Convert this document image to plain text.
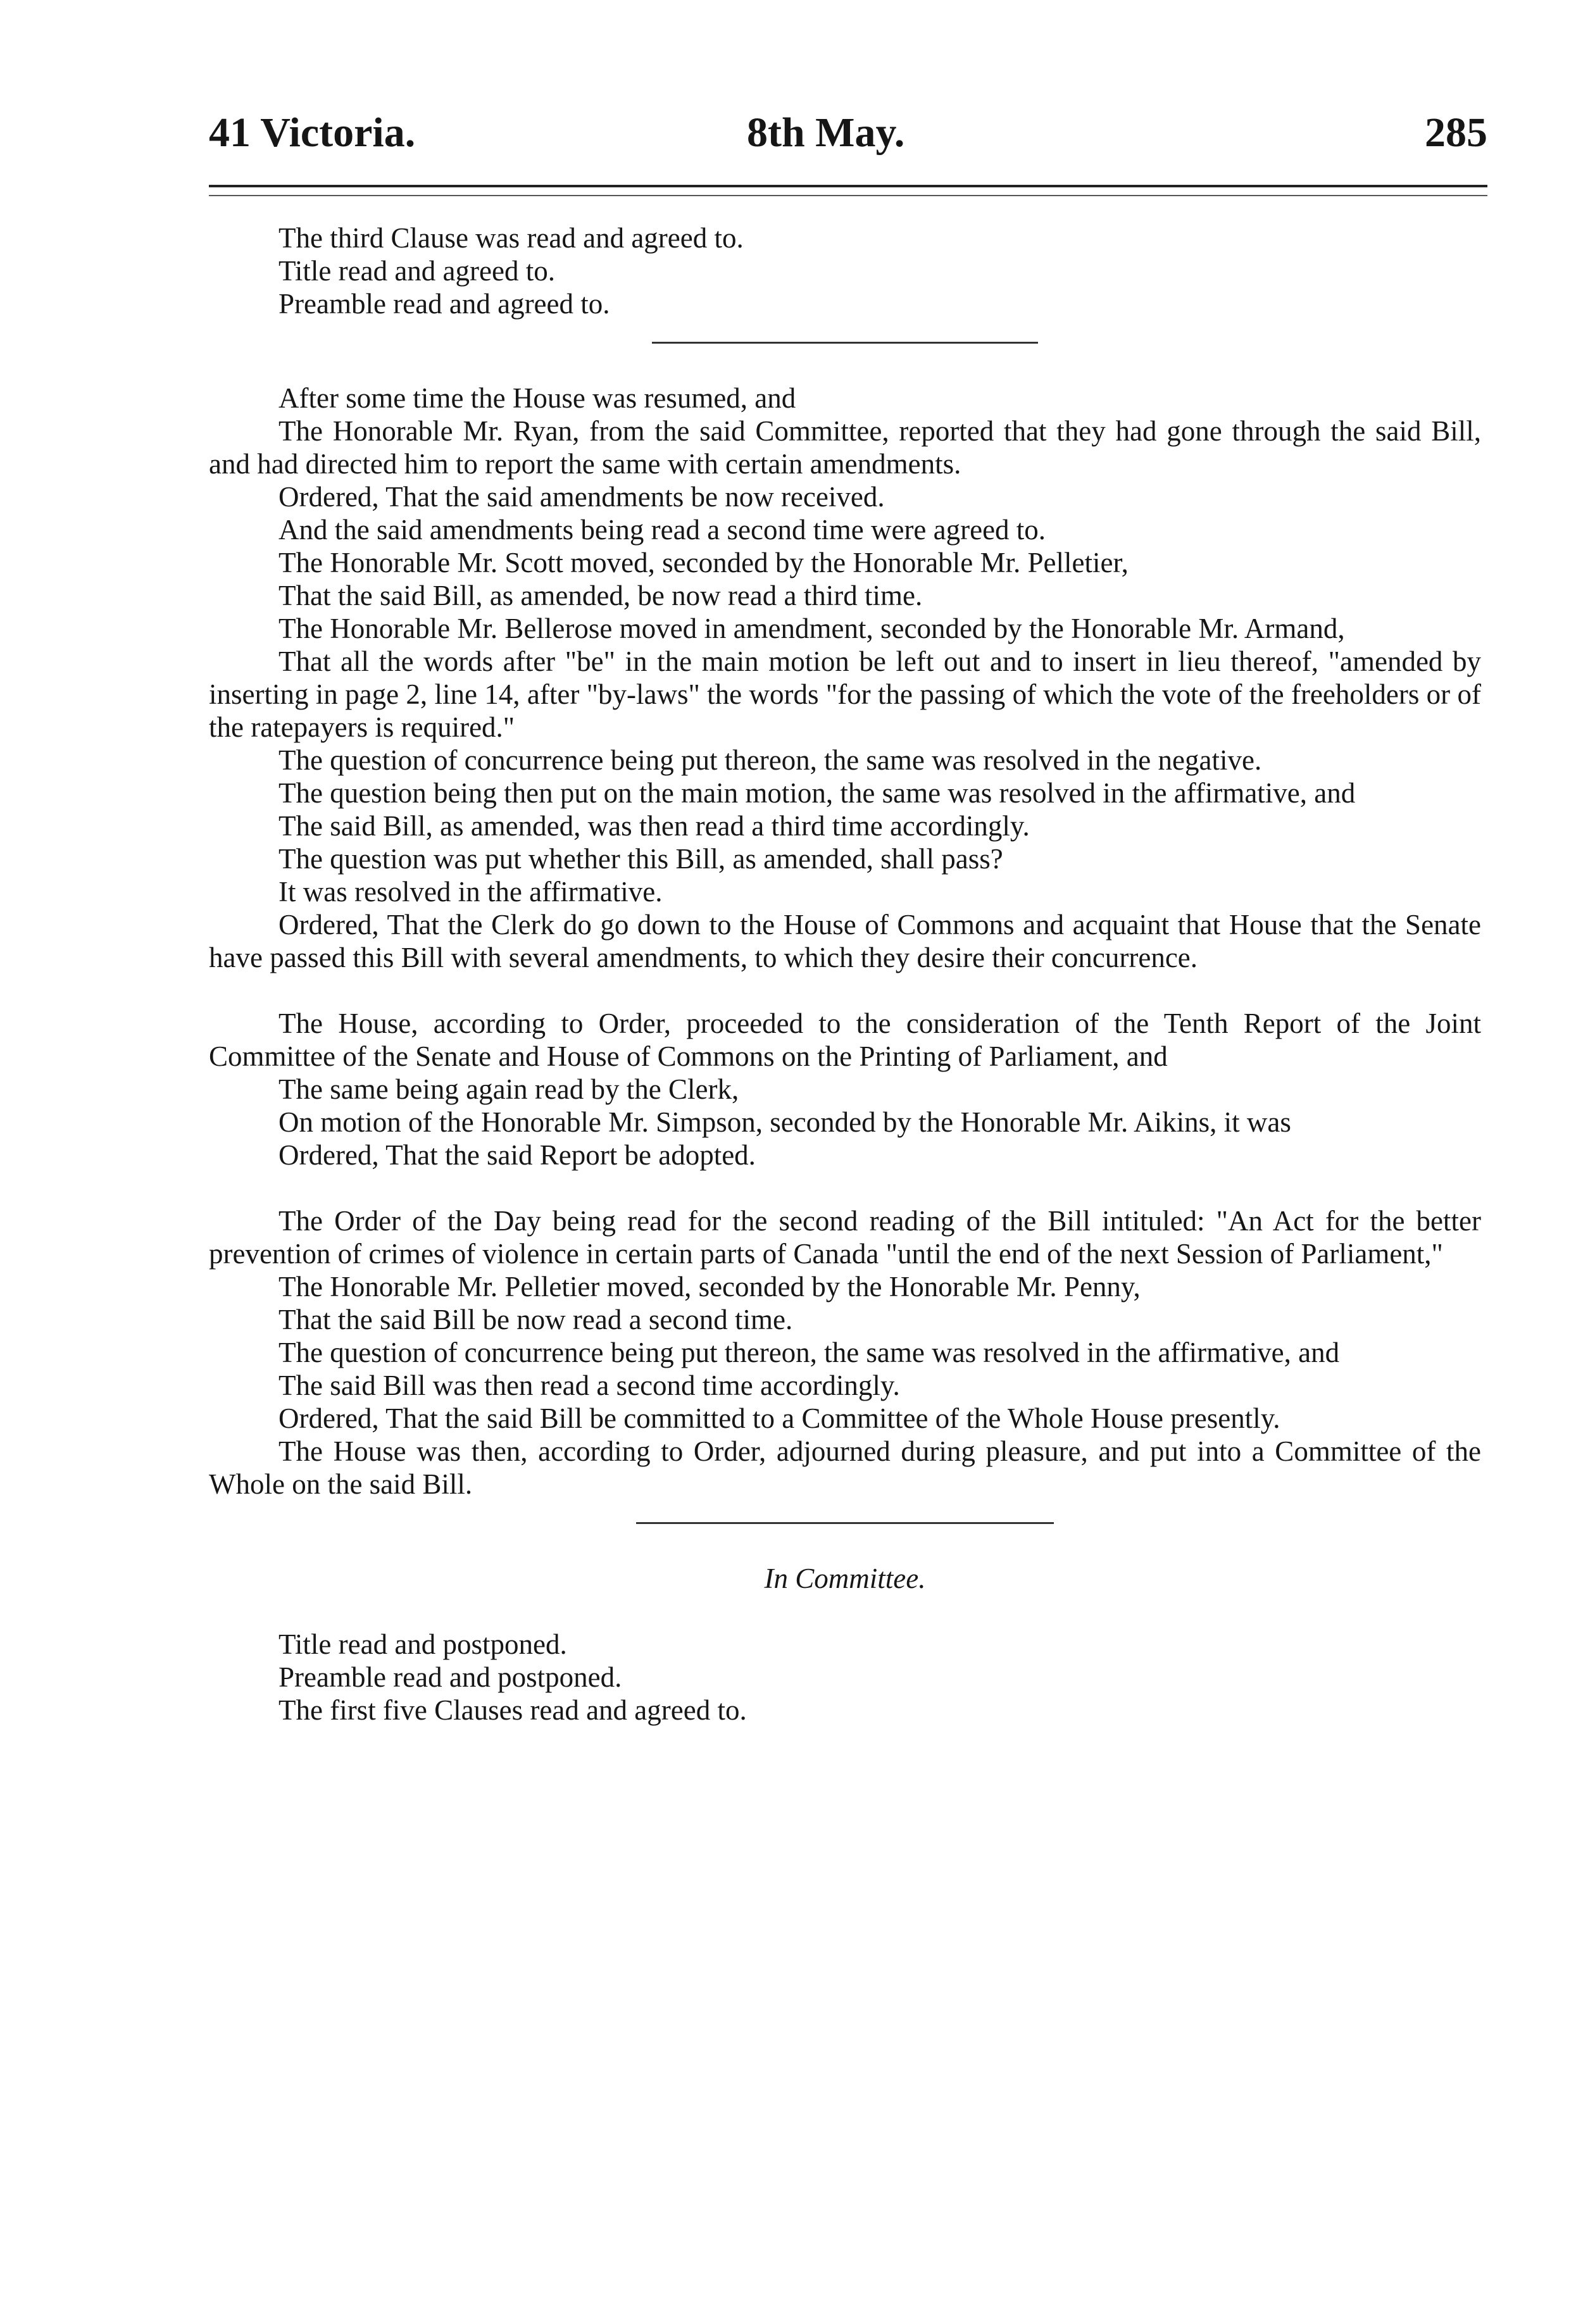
41 Victoria.	8th May.	285

The third Clause was read and agreed to.

Title read and agreed to.

Preamble read and agreed to.

After some time the House was resumed, and

The Honorable Mr. Ryan, from the said Committee, reported that they had gone through the said Bill, and had directed him to report the same with certain amendments.

Ordered, That the said amendments be now received.

And the said amendments being read a second time were agreed to.

The Honorable Mr. Scott moved, seconded by the Honorable Mr. Pelletier,

That the said Bill, as amended, be now read a third time.

The Honorable Mr. Bellerose moved in amendment, seconded by the Honorable Mr. Armand,

That all the words after "be" in the main motion be left out and to insert in lieu thereof, "amended by inserting in page 2, line 14, after "by-laws" the words "for the passing of which the vote of the freeholders or of the ratepayers is required."

The question of concurrence being put thereon, the same was resolved in the negative.

The question being then put on the main motion, the same was resolved in the affirmative, and

The said Bill, as amended, was then read a third time accordingly.

The question was put whether this Bill, as amended, shall pass?

It was resolved in the affirmative.

Ordered, That the Clerk do go down to the House of Commons and acquaint that House that the Senate have passed this Bill with several amendments, to which they desire their concurrence.

The House, according to Order, proceeded to the consideration of the Tenth Report of the Joint Committee of the Senate and House of Commons on the Printing of Parliament, and

The same being again read by the Clerk,

On motion of the Honorable Mr. Simpson, seconded by the Honorable Mr. Aikins, it was

Ordered, That the said Report be adopted.

The Order of the Day being read for the second reading of the Bill intituled: "An Act for the better prevention of crimes of violence in certain parts of Canada "until the end of the next Session of Parliament,"

The Honorable Mr. Pelletier moved, seconded by the Honorable Mr. Penny,

That the said Bill be now read a second time.

The question of concurrence being put thereon, the same was resolved in the affirmative, and

The said Bill was then read a second time accordingly.

Ordered, That the said Bill be committed to a Committee of the Whole House presently.

The House was then, according to Order, adjourned during pleasure, and put into a Committee of the Whole on the said Bill.

In Committee.

Title read and postponed.

Preamble read and postponed.

The first five Clauses read and agreed to.
